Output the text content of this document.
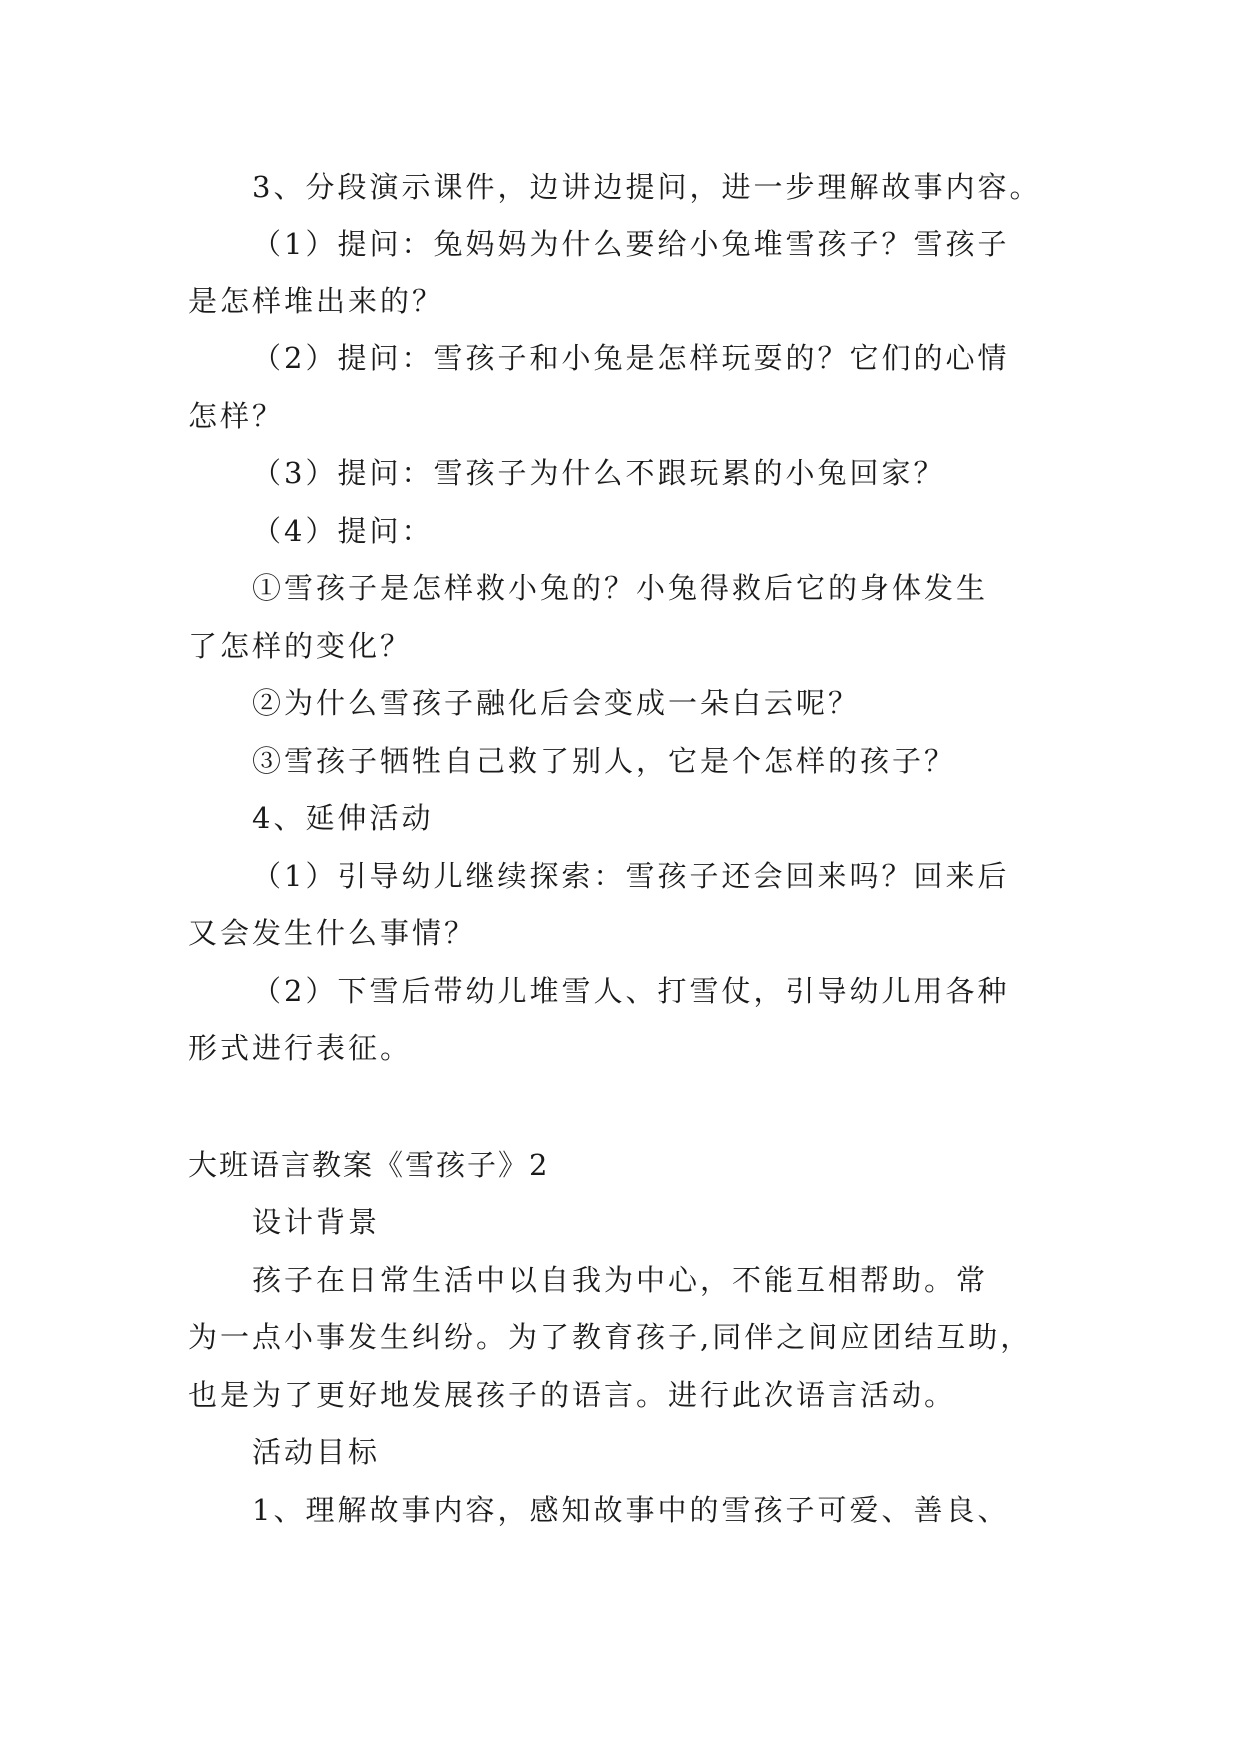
3、分段演示课件，边讲边提问，进一步理解故事内容。
（1）提问：兔妈妈为什么要给小兔堆雪孩子？雪孩子
是怎样堆出来的？
（2）提问：雪孩子和小兔是怎样玩耍的？它们的心情
怎样？
（3）提问：雪孩子为什么不跟玩累的小兔回家？
（4）提问：
①雪孩子是怎样救小兔的？小兔得救后它的身体发生
了怎样的变化？
②为什么雪孩子融化后会变成一朵白云呢？
③雪孩子牺牲自己救了别人，它是个怎样的孩子？
4、延伸活动
（1）引导幼儿继续探索：雪孩子还会回来吗？回来后
又会发生什么事情？
（2）下雪后带幼儿堆雪人、打雪仗，引导幼儿用各种
形式进行表征。
大班语言教案《雪孩子》2
设计背景
孩子在日常生活中以自我为中心，不能互相帮助。常
为一点小事发生纠纷。为了教育孩子,同伴之间应团结互助，
也是为了更好地发展孩子的语言。进行此次语言活动。
活动目标
1、理解故事内容，感知故事中的雪孩子可爱、善良、
